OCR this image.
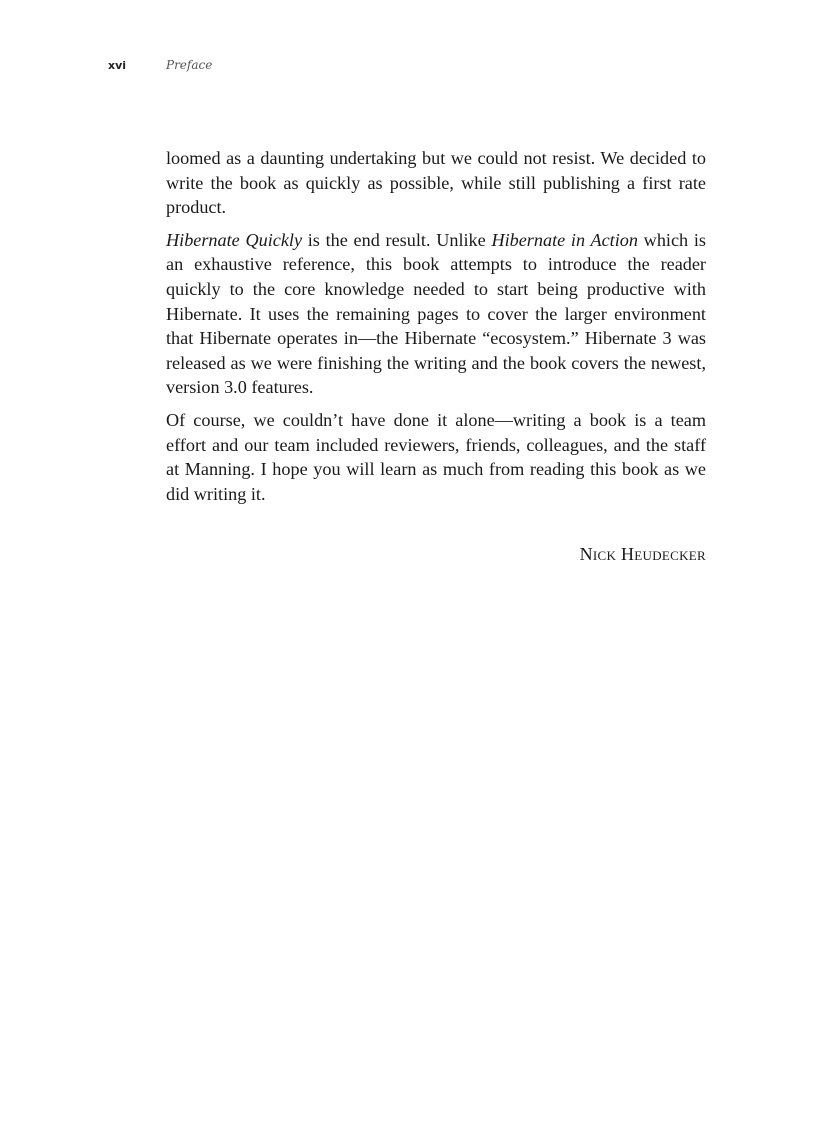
xvi	Preface

loomed as a daunting undertaking but we could not resist. We decided to write the book as quickly as possible, while still publishing a first rate product.

Hibernate Quickly is the end result. Unlike Hibernate in Action which is an exhaustive reference, this book attempts to introduce the reader quickly to the core knowledge needed to start being productive with Hibernate. It uses the remaining pages to cover the larger environment that Hibernate operates in—the Hibernate “ecosystem.” Hibernate 3 was released as we were finishing the writing and the book covers the newest, version 3.0 features.

Of course, we couldn’t have done it alone—writing a book is a team effort and our team included reviewers, friends, colleagues, and the staff at Manning. I hope you will learn as much from reading this book as we did writing it.

Nick Heudecker
